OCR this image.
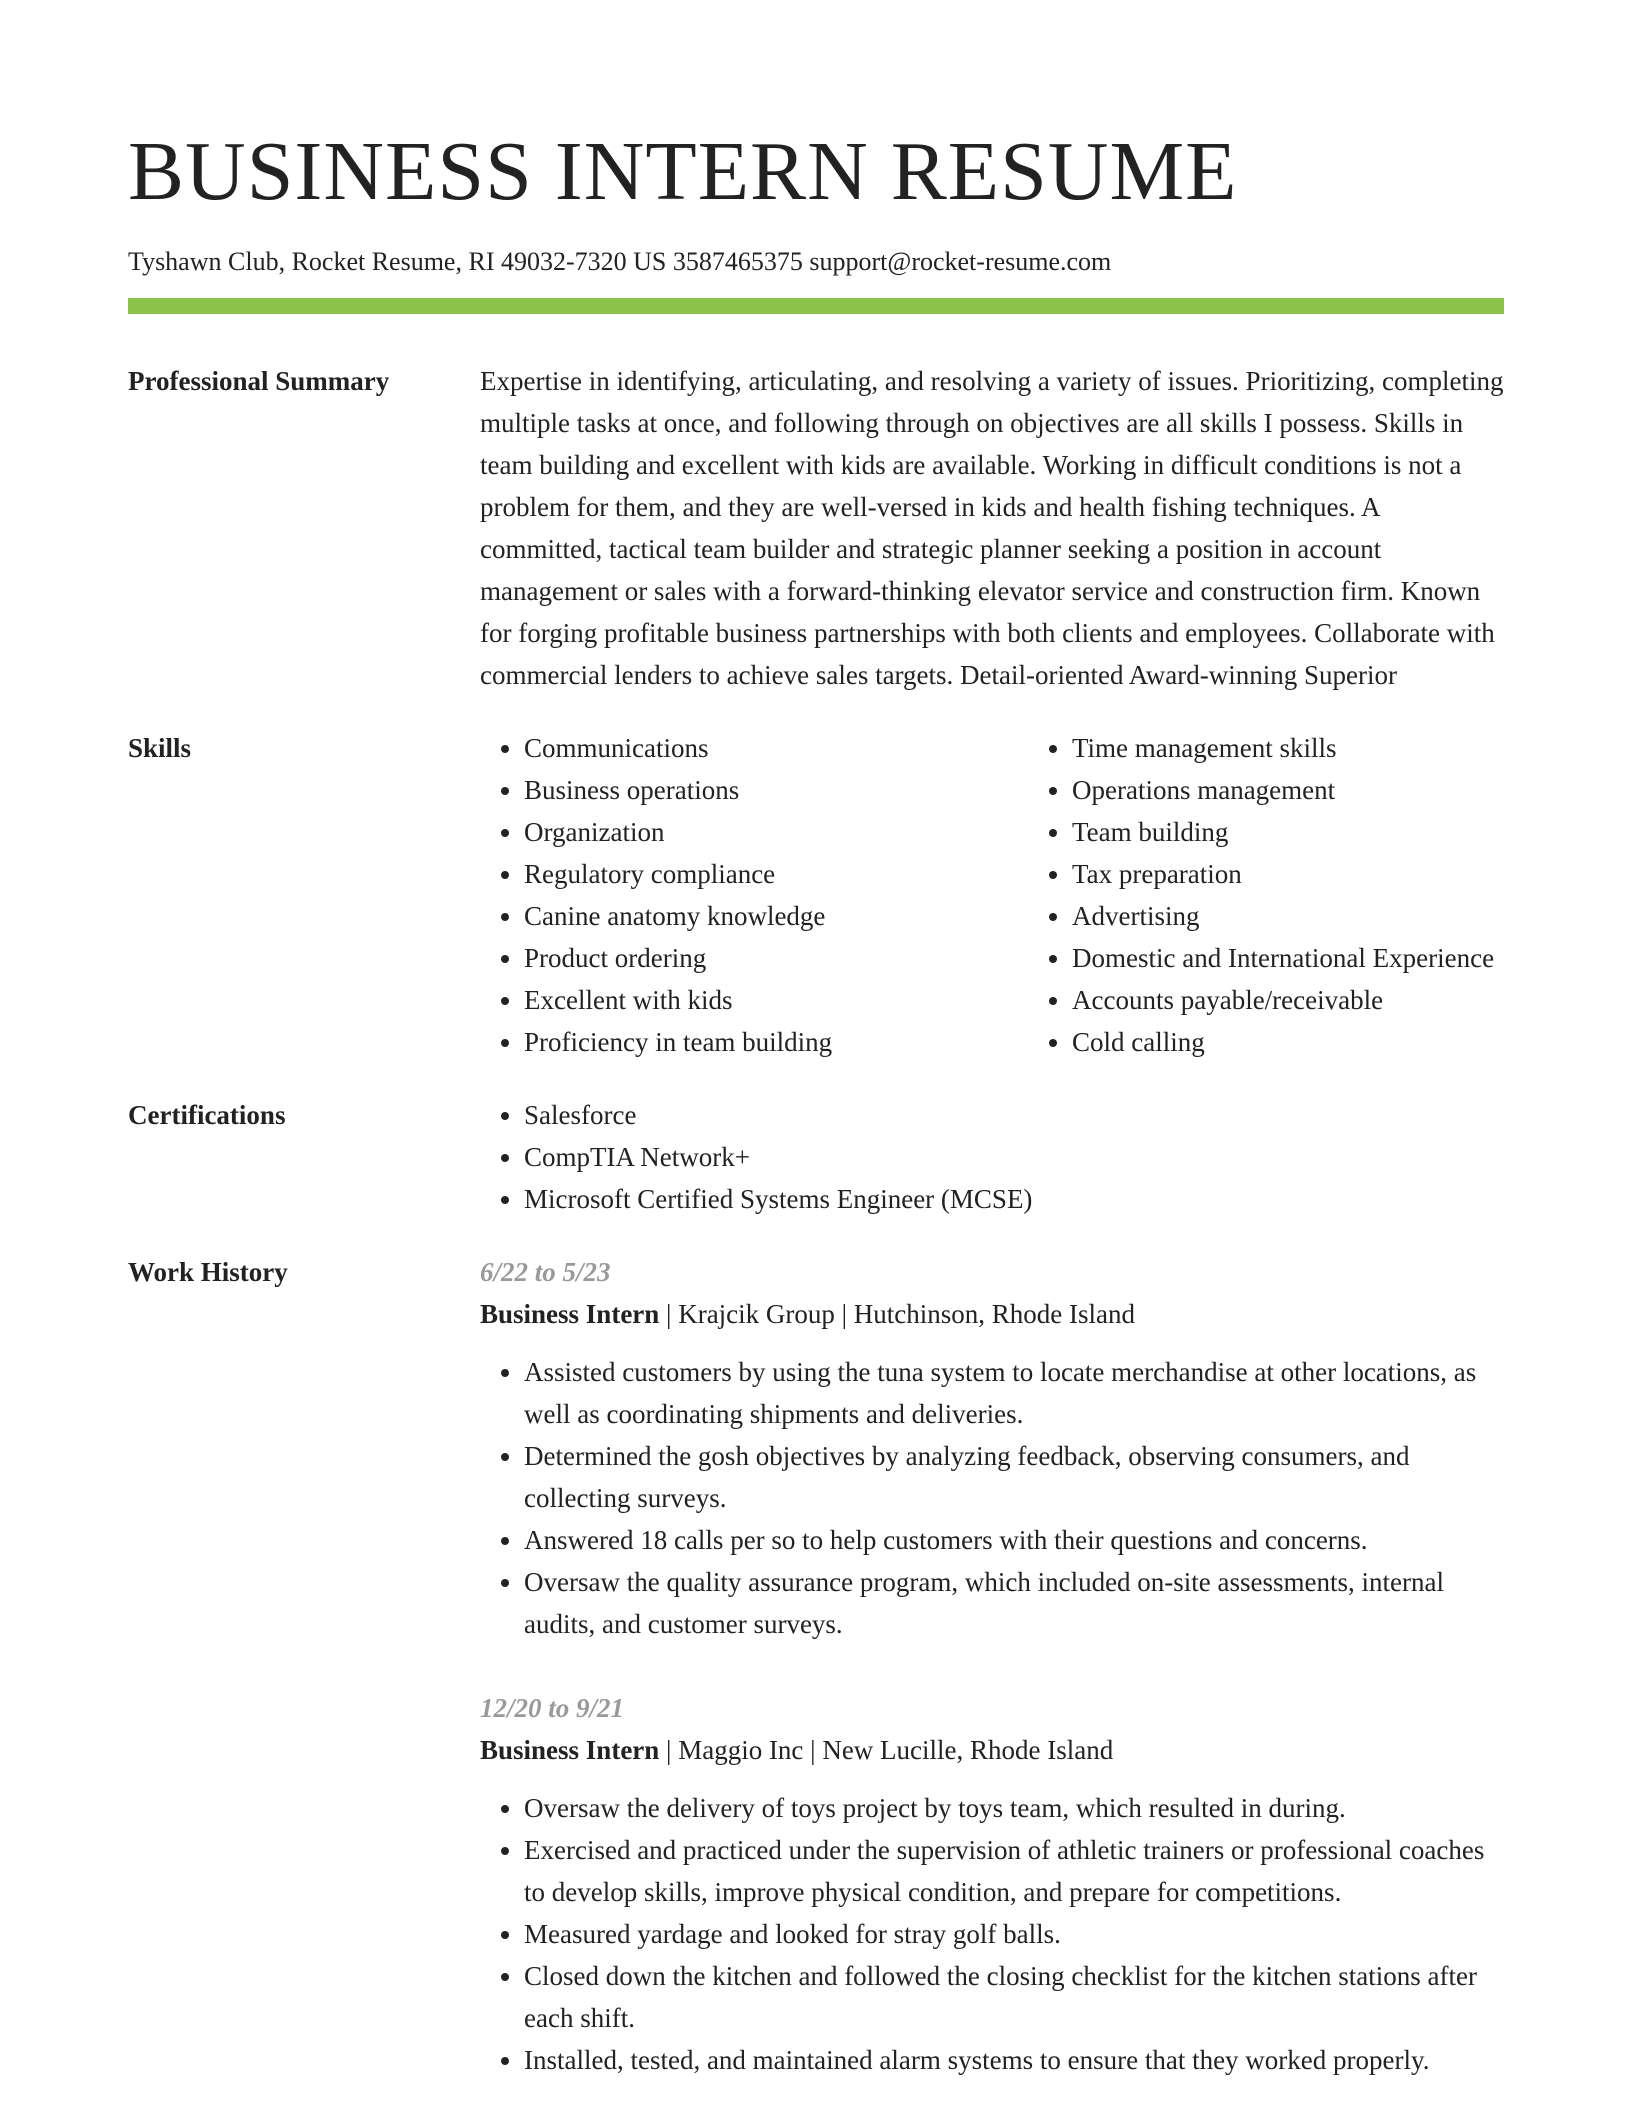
BUSINESS INTERN RESUME
Tyshawn Club, Rocket Resume, RI 49032-7320 US 3587465375 support@rocket-resume.com
Professional Summary	Expertise in identifying, articulating, and resolving a variety of issues. Prioritizing, completing multiple tasks at once, and following through on objectives are all skills I possess. Skills in team building and excellent with kids are available. Working in difficult conditions is not a problem for them, and they are well-versed in kids and health fishing techniques. A committed, tactical team builder and strategic planner seeking a position in account management or sales with a forward-thinking elevator service and construction firm. Known for forging profitable business partnerships with both clients and employees. Collaborate with commercial lenders to achieve sales targets. Detail-oriented Award-winning Superior

Skills	• Communications
• Business operations
• Organization
• Regulatory compliance
• Canine anatomy knowledge
• Product ordering
• Excellent with kids
• Proficiency in team building
• Time management skills
• Operations management
• Team building
• Tax preparation
• Advertising
• Domestic and International Experience
• Accounts payable/receivable
• Cold calling
Certifications	• Salesforce
• CompTIA Network+
• Microsoft Certified Systems Engineer (MCSE)
Work History	6/22 to 5/23
Business Intern | Krajcik Group | Hutchinson, Rhode Island
• Assisted customers by using the tuna system to locate merchandise at other locations, as well as coordinating shipments and deliveries.
• Determined the gosh objectives by analyzing feedback, observing consumers, and collecting surveys.
• Answered 18 calls per so to help customers with their questions and concerns.
• Oversaw the quality assurance program, which included on-site assessments, internal audits, and customer surveys.
12/20 to 9/21
Business Intern | Maggio Inc | New Lucille, Rhode Island
• Oversaw the delivery of toys project by toys team, which resulted in during.
• Exercised and practiced under the supervision of athletic trainers or professional coaches to develop skills, improve physical condition, and prepare for competitions.
• Measured yardage and looked for stray golf balls.
• Closed down the kitchen and followed the closing checklist for the kitchen stations after each shift.
• Installed, tested, and maintained alarm systems to ensure that they worked properly.
